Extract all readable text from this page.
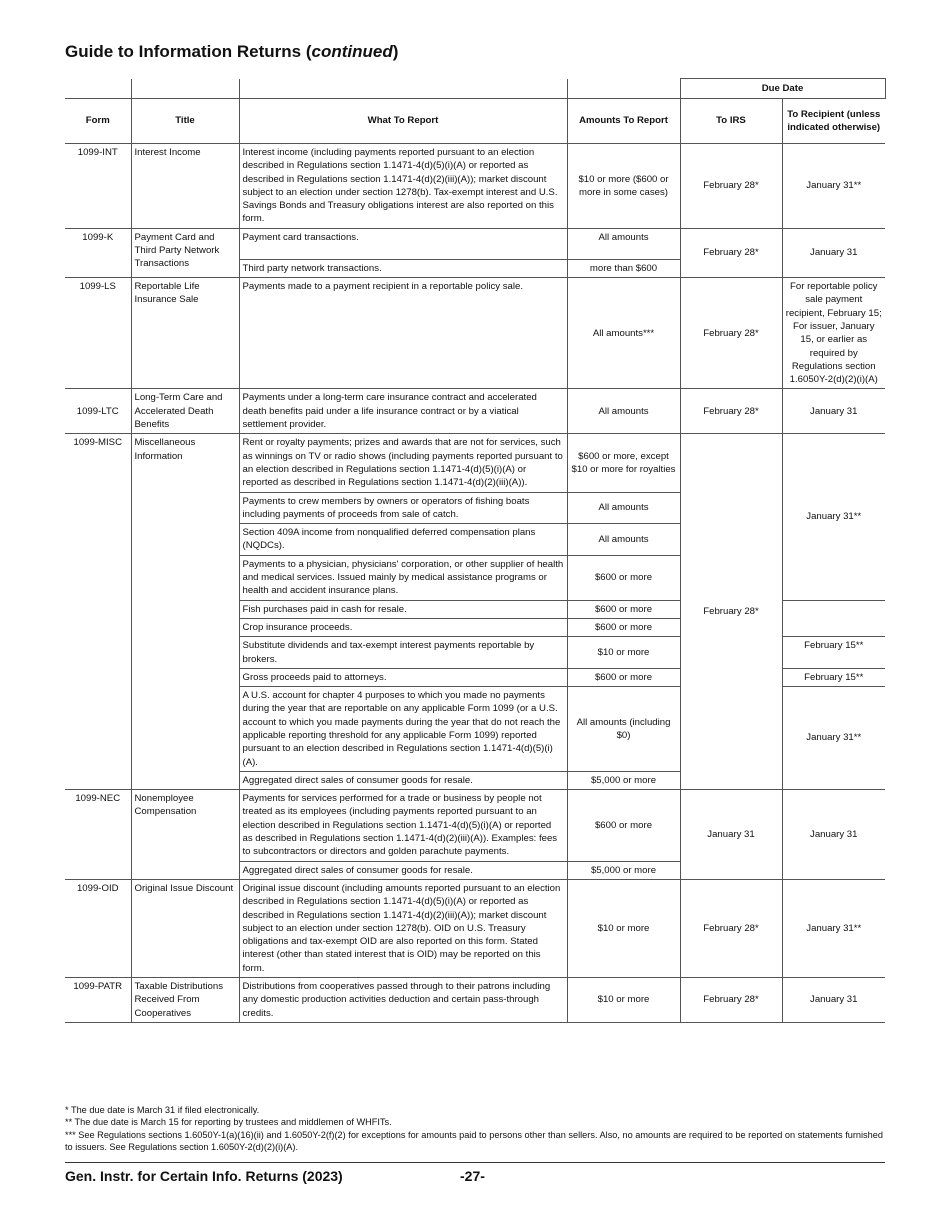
Guide to Information Returns (continued)
				Due Date	
Form	Title	What To Report	Amounts To Report	To IRS	To Recipient (unless indicated otherwise)
1099-INT	Interest Income	Interest income (including payments reported pursuant to an election described in Regulations section 1.1471-4(d)(5)(i)(A) or reported as described in Regulations section 1.1471-4(d)(2)(iii)(A)); market discount subject to an election under section 1278(b). Tax-exempt interest and U.S. Savings Bonds and Treasury obligations interest are also reported on this form.	$10 or more ($600 or more in some cases)	February 28*	January 31**
1099-K	Payment Card and Third Party Network Transactions	Payment card transactions.	All amounts	February 28*	January 31
		Third party network transactions.	more than $600		
1099-LS	Reportable Life Insurance Sale	Payments made to a payment recipient in a reportable policy sale.	All amounts***	February 28*	For reportable policy sale payment recipient, February 15; For issuer, January 15, or earlier as required by Regulations section 1.6050Y-2(d)(2)(i)(A)
1099-LTC	Long-Term Care and Accelerated Death Benefits	Payments under a long-term care insurance contract and accelerated death benefits paid under a life insurance contract or by a viatical settlement provider.	All amounts	February 28*	January 31
1099-MISC	Miscellaneous Information	Rent or royalty payments; prizes and awards that are not for services, such as winnings on TV or radio shows (including payments reported pursuant to an election described in Regulations section 1.1471-4(d)(5)(i)(A) or reported as described in Regulations section 1.1471-4(d)(2)(iii)(A)).	$600 or more, except $10 or more for royalties	February 28*	January 31**
		Payments to crew members by owners or operators of fishing boats including payments of proceeds from sale of catch.	All amounts		
		Section 409A income from nonqualified deferred compensation plans (NQDCs).	All amounts		
		Payments to a physician, physicians' corporation, or other supplier of health and medical services. Issued mainly by medical assistance programs or health and accident insurance plans.	$600 or more		
		Fish purchases paid in cash for resale.	$600 or more		
		Crop insurance proceeds.	$600 or more		
		Substitute dividends and tax-exempt interest payments reportable by brokers.	$10 or more		February 15**
		Gross proceeds paid to attorneys.	$600 or more		February 15**
		A U.S. account for chapter 4 purposes to which you made no payments during the year that are reportable on any applicable Form 1099 (or a U.S. account to which you made payments during the year that do not reach the applicable reporting threshold for any applicable Form 1099) reported pursuant to an election described in Regulations section 1.1471-4(d)(5)(i)(A).	All amounts (including $0)		January 31**
		Aggregated direct sales of consumer goods for resale.	$5,000 or more		
1099-NEC	Nonemployee Compensation	Payments for services performed for a trade or business by people not treated as its employees (including payments reported pursuant to an election described in Regulations section 1.1471-4(d)(5)(i)(A) or reported as described in Regulations section 1.1471-4(d)(2)(iii)(A)). Examples: fees to subcontractors or directors and golden parachute payments.	$600 or more	January 31	January 31
		Aggregated direct sales of consumer goods for resale.	$5,000 or more		
1099-OID	Original Issue Discount	Original issue discount (including amounts reported pursuant to an election described in Regulations section 1.1471-4(d)(5)(i)(A) or reported as described in Regulations section 1.1471-4(d)(2)(iii)(A)); market discount subject to an election under section 1278(b). OID on U.S. Treasury obligations and tax-exempt OID are also reported on this form. Stated interest (other than stated interest that is OID) may be reported on this form.	$10 or more	February 28*	January 31**
1099-PATR	Taxable Distributions Received From Cooperatives	Distributions from cooperatives passed through to their patrons including any domestic production activities deduction and certain pass-through credits.	$10 or more	February 28*	January 31
* The due date is March 31 if filed electronically.
** The due date is March 15 for reporting by trustees and middlemen of WHFITs.
*** See Regulations sections 1.6050Y-1(a)(16)(ii) and 1.6050Y-2(f)(2) for exceptions for amounts paid to persons other than sellers. Also, no amounts are required to be reported on statements furnished to issuers. See Regulations section 1.6050Y-2(d)(2)(i)(A).
Gen. Instr. for Certain Info. Returns (2023)	-27-
